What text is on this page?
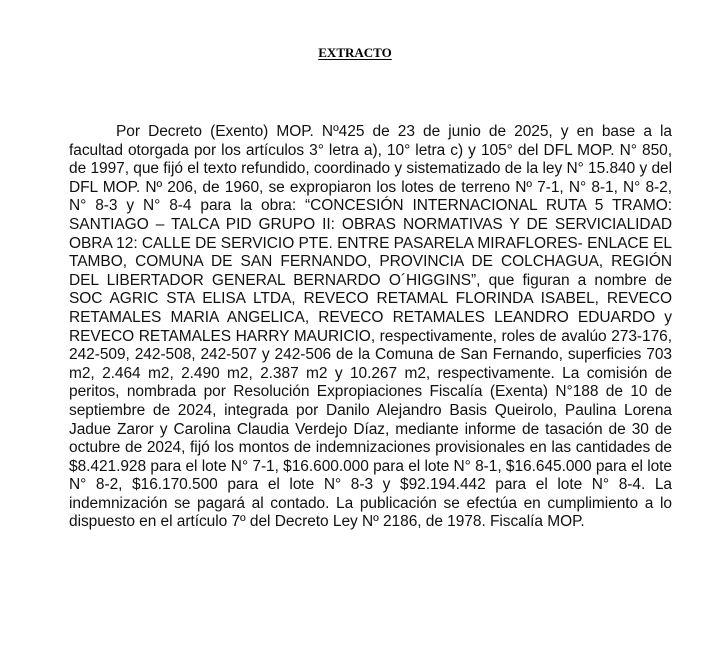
EXTRACTO

Por Decreto (Exento) MOP. Nº425 de 23 de junio de 2025, y en base a la facultad otorgada por los artículos 3° letra a), 10° letra c) y 105° del DFL MOP. N° 850, de 1997, que fijó el texto refundido, coordinado y sistematizado de la ley N° 15.840 y del DFL MOP. Nº 206, de 1960, se expropiaron los lotes de terreno Nº 7-1, N° 8-1, N° 8-2, N° 8-3 y N° 8-4 para la obra: “CONCESIÓN INTERNACIONAL RUTA 5 TRAMO: SANTIAGO – TALCA PID GRUPO II: OBRAS NORMATIVAS Y DE SERVICIALIDAD OBRA 12: CALLE DE SERVICIO PTE. ENTRE PASARELA MIRAFLORES- ENLACE EL TAMBO, COMUNA DE SAN FERNANDO, PROVINCIA DE COLCHAGUA, REGIÓN DEL LIBERTADOR GENERAL BERNARDO O´HIGGINS”, que figuran a nombre de SOC AGRIC STA ELISA LTDA, REVECO RETAMAL FLORINDA ISABEL, REVECO RETAMALES MARIA ANGELICA, REVECO RETAMALES LEANDRO EDUARDO y REVECO RETAMALES HARRY MAURICIO, respectivamente, roles de avalúo 273-176, 242-509, 242-508, 242-507 y 242-506 de la Comuna de San Fernando, superficies 703 m2, 2.464 m2, 2.490 m2, 2.387 m2 y 10.267 m2, respectivamente. La comisión de peritos, nombrada por Resolución Expropiaciones Fiscalía (Exenta) N°188 de 10 de septiembre de 2024, integrada por Danilo Alejandro Basis Queirolo, Paulina Lorena Jadue Zaror y Carolina Claudia Verdejo Díaz, mediante informe de tasación de 30 de octubre de 2024, fijó los montos de indemnizaciones provisionales en las cantidades de $8.421.928 para el lote N° 7-1, $16.600.000 para el lote N° 8-1, $16.645.000 para el lote N° 8-2, $16.170.500 para el lote N° 8-3 y $92.194.442 para el lote N° 8-4. La indemnización se pagará al contado. La publicación se efectúa en cumplimiento a lo dispuesto en el artículo 7º del Decreto Ley Nº 2186, de 1978. Fiscalía MOP.
